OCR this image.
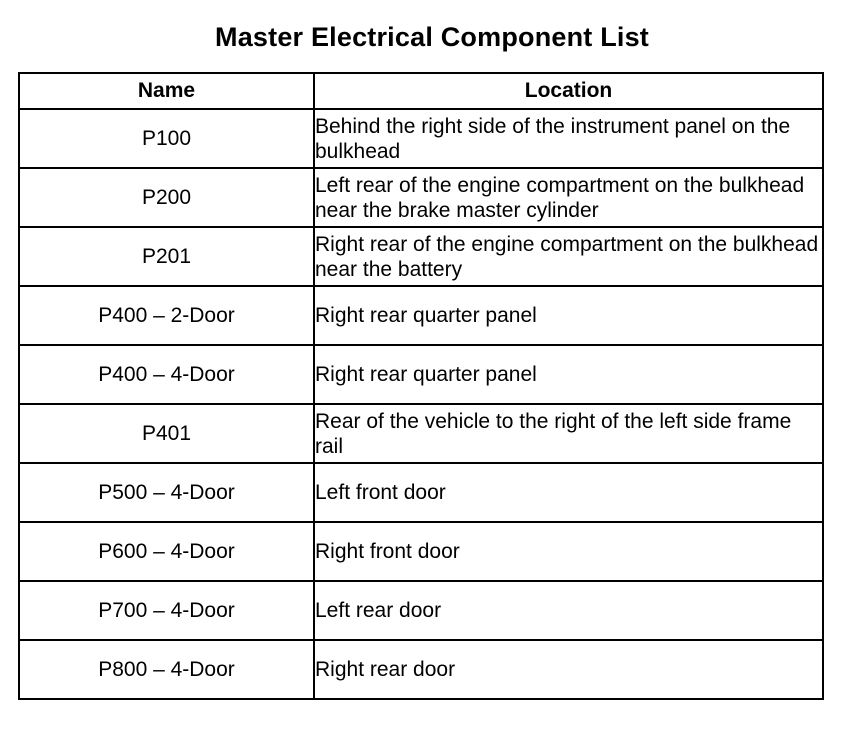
Master Electrical Component List
Name	Location
P100	Behind the right side of the instrument panel on the bulkhead
P200	Left rear of the engine compartment on the bulkhead near the brake master cylinder
P201	Right rear of the engine compartment on the bulkhead near the battery
P400 – 2-Door	Right rear quarter panel
P400 – 4-Door	Right rear quarter panel
P401	Rear of the vehicle to the right of the left side frame rail
P500 – 4-Door	Left front door
P600 – 4-Door	Right front door
P700 – 4-Door	Left rear door
P800 – 4-Door	Right rear door
